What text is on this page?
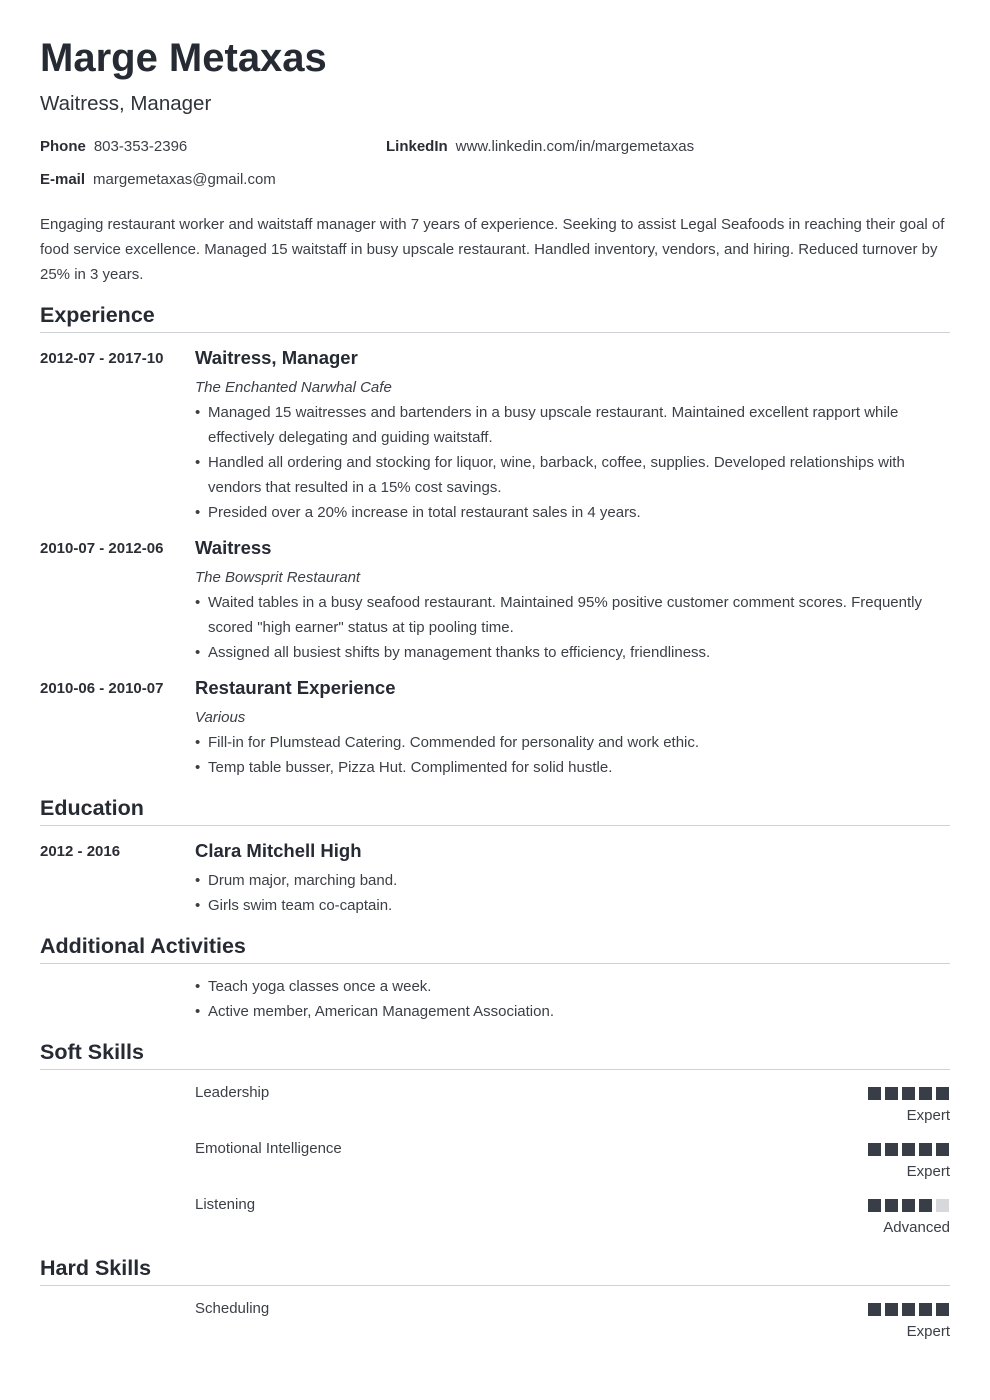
Marge Metaxas
Waitress, Manager
Phone 803-353-2396	LinkedIn www.linkedin.com/in/margemetaxas
E-mail margemetaxas@gmail.com
Engaging restaurant worker and waitstaff manager with 7 years of experience. Seeking to assist Legal Seafoods in reaching their goal of food service excellence. Managed 15 waitstaff in busy upscale restaurant. Handled inventory, vendors, and hiring. Reduced turnover by 25% in 3 years.
Experience
2012-07 - 2017-10 Waitress, Manager
The Enchanted Narwhal Cafe
• Managed 15 waitresses and bartenders in a busy upscale restaurant. Maintained excellent rapport while effectively delegating and guiding waitstaff.
• Handled all ordering and stocking for liquor, wine, barback, coffee, supplies. Developed relationships with vendors that resulted in a 15% cost savings.
• Presided over a 20% increase in total restaurant sales in 4 years.
2010-07 - 2012-06 Waitress
The Bowsprit Restaurant
• Waited tables in a busy seafood restaurant. Maintained 95% positive customer comment scores. Frequently scored "high earner" status at tip pooling time.
• Assigned all busiest shifts by management thanks to efficiency, friendliness.
2010-06 - 2010-07 Restaurant Experience
Various
• Fill-in for Plumstead Catering. Commended for personality and work ethic.
• Temp table busser, Pizza Hut. Complimented for solid hustle.
Education
2012 - 2016	Clara Mitchell High
• Drum major, marching band.
• Girls swim team co-captain.
Additional Activities
• Teach yoga classes once a week.
• Active member, American Management Association.
Soft Skills
Leadership
Expert
Emotional Intelligence
Expert
Listening
Advanced
Hard Skills
Scheduling
Expert
